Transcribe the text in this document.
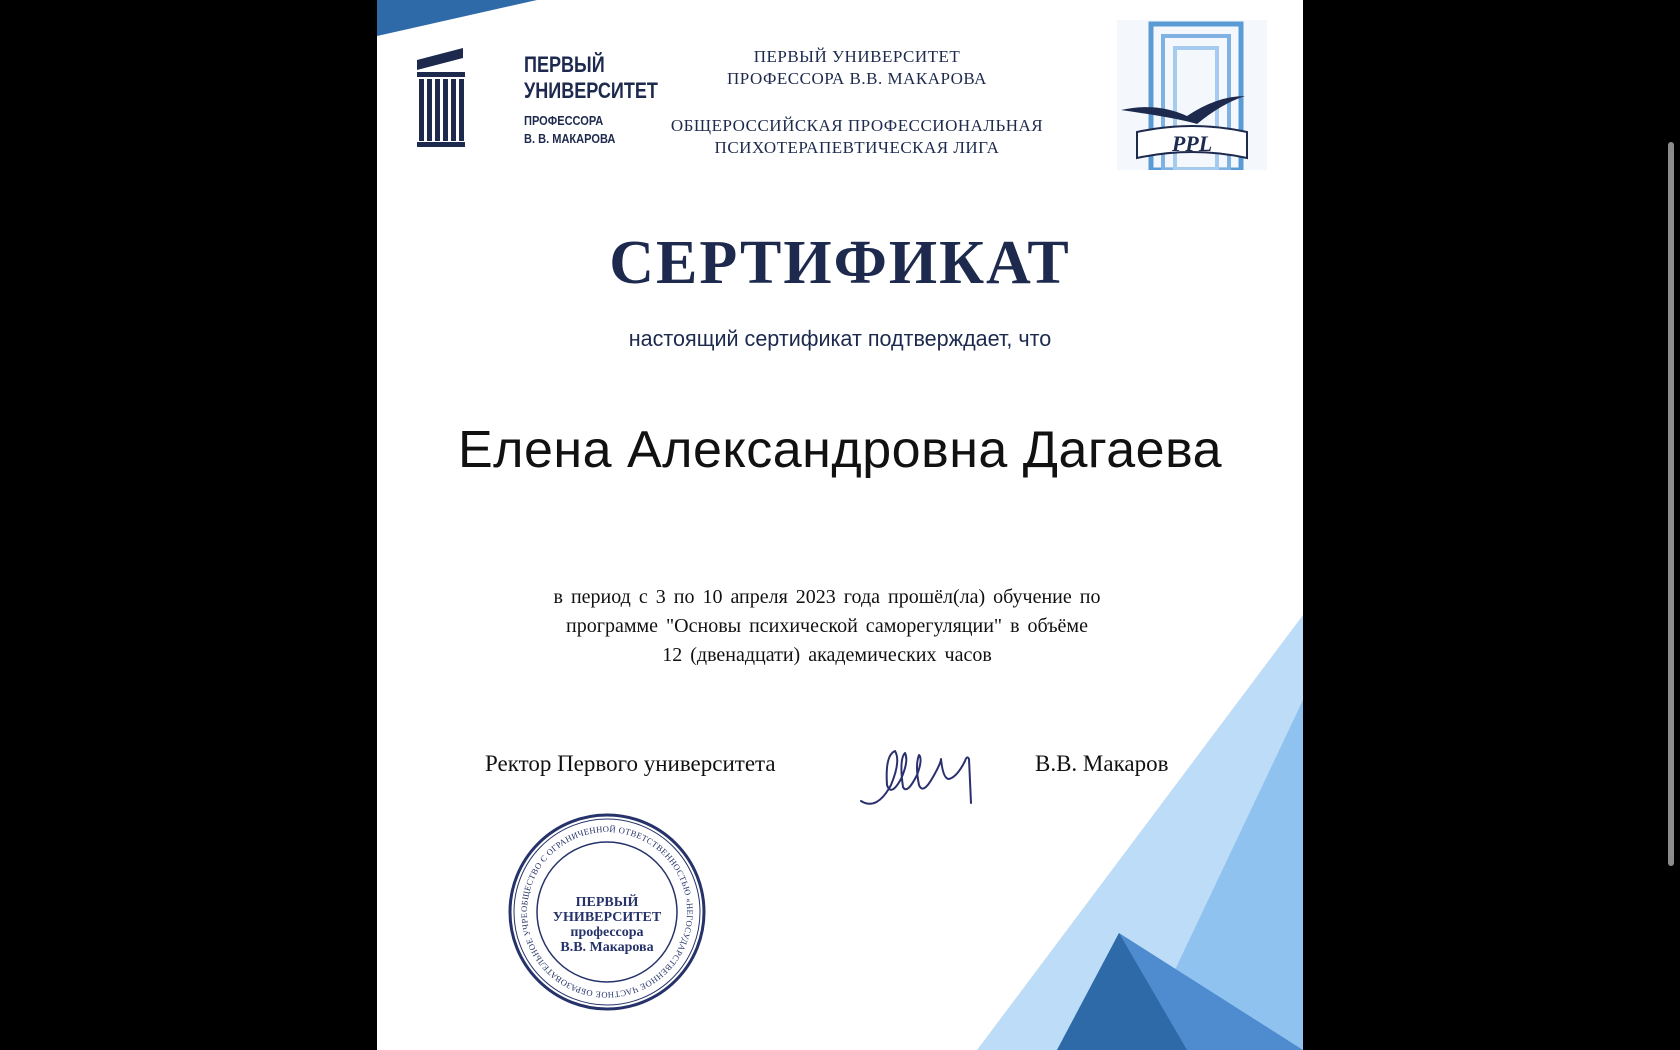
ПЕРВЫЙ
УНИВЕРСИТЕТ
ПРОФЕССОРА
В. В. МАКАРОВА
ПЕРВЫЙ УНИВЕРСИТЕТ
ПРОФЕССОРА В.В. МАКАРОВА
ОБЩЕРОССИЙСКАЯ ПРОФЕССИОНАЛЬНАЯ
ПСИХОТЕРАПЕВТИЧЕСКАЯ ЛИГА	PPL
СЕРТИФИКАТ
настоящий сертификат подтверждает, что
Елена Александровна Дагаева
в период с 3 по 10 апреля 2023 года прошёл(ла) обучение по
программе "Основы психической саморегуляции" в объёме
12 (двенадцати) академических часов
Ректор Первого университета	В.В. Макаров
ОБЩЕСТВО С ОГРАНИЧЕННОЙ ОТВЕТСТВЕННОСТЬЮ «НЕГОСУДАРСТВЕННОЕ ЧАСТНОЕ ОБРАЗОВАТЕЛЬНОЕ УЧРЕ
ПЕРВЫЙ
УНИВЕРСИТЕТ
профессора
В.В. Макарова
